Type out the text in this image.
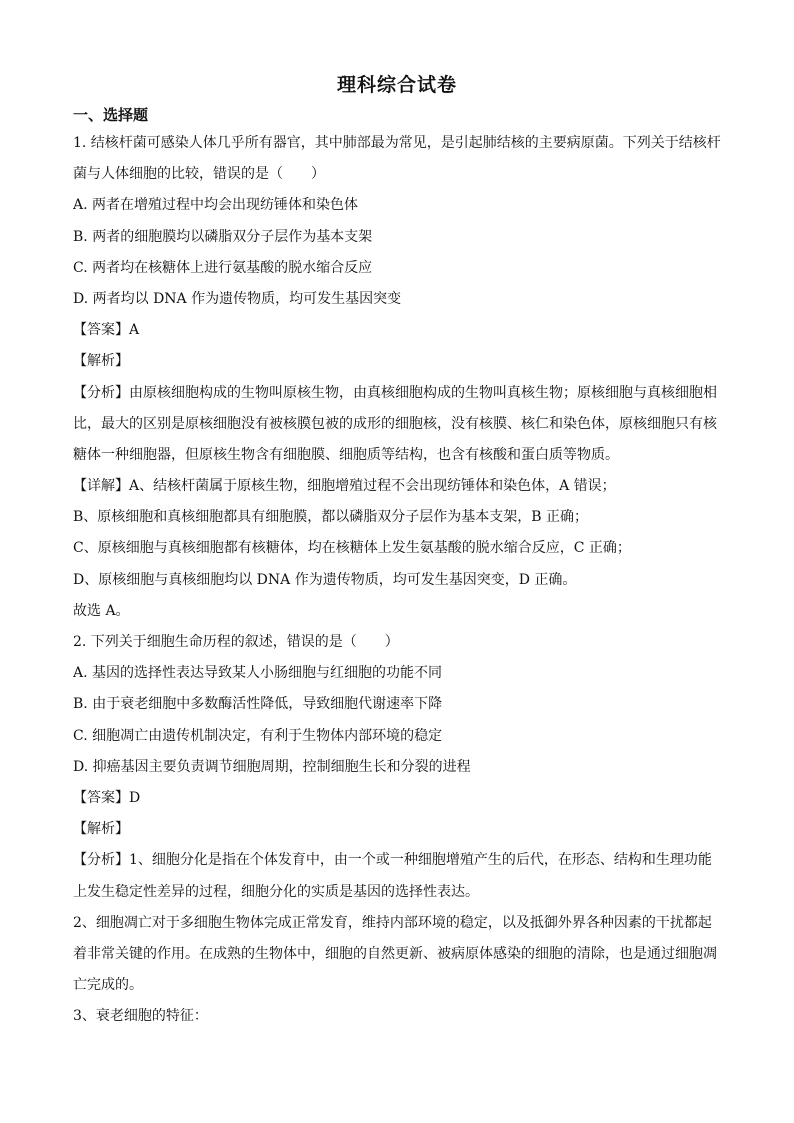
理科综合试卷
一、选择题
1. 结核杆菌可感染人体几乎所有器官，其中肺部最为常见，是引起肺结核的主要病原菌。下列关于结核杆
菌与人体细胞的比较，错误的是（　　）
A. 两者在增殖过程中均会出现纺锤体和染色体
B. 两者的细胞膜均以磷脂双分子层作为基本支架
C. 两者均在核糖体上进行氨基酸的脱水缩合反应
D. 两者均以 DNA 作为遗传物质，均可发生基因突变
【答案】A
【解析】
【分析】由原核细胞构成的生物叫原核生物，由真核细胞构成的生物叫真核生物；原核细胞与真核细胞相
比，最大的区别是原核细胞没有被核膜包被的成形的细胞核，没有核膜、核仁和染色体，原核细胞只有核
糖体一种细胞器，但原核生物含有细胞膜、细胞质等结构，也含有核酸和蛋白质等物质。
【详解】A、结核杆菌属于原核生物，细胞增殖过程不会出现纺锤体和染色体，A 错误；
B、原核细胞和真核细胞都具有细胞膜，都以磷脂双分子层作为基本支架，B 正确；
C、原核细胞与真核细胞都有核糖体，均在核糖体上发生氨基酸的脱水缩合反应，C 正确；
D、原核细胞与真核细胞均以 DNA 作为遗传物质，均可发生基因突变，D 正确。
故选 A。
2. 下列关于细胞生命历程的叙述，错误的是（　　）
A. 基因的选择性表达导致某人小肠细胞与红细胞的功能不同
B. 由于衰老细胞中多数酶活性降低，导致细胞代谢速率下降
C. 细胞凋亡由遗传机制决定，有利于生物体内部环境的稳定
D. 抑癌基因主要负责调节细胞周期，控制细胞生长和分裂的进程
【答案】D
【解析】
【分析】1、细胞分化是指在个体发育中，由一个或一种细胞增殖产生的后代，在形态、结构和生理功能
上发生稳定性差异的过程，细胞分化的实质是基因的选择性表达。
2、细胞凋亡对于多细胞生物体完成正常发育，维持内部环境的稳定，以及抵御外界各种因素的干扰都起
着非常关键的作用。在成熟的生物体中，细胞的自然更新、被病原体感染的细胞的清除，也是通过细胞凋
亡完成的。
3、衰老细胞的特征：
